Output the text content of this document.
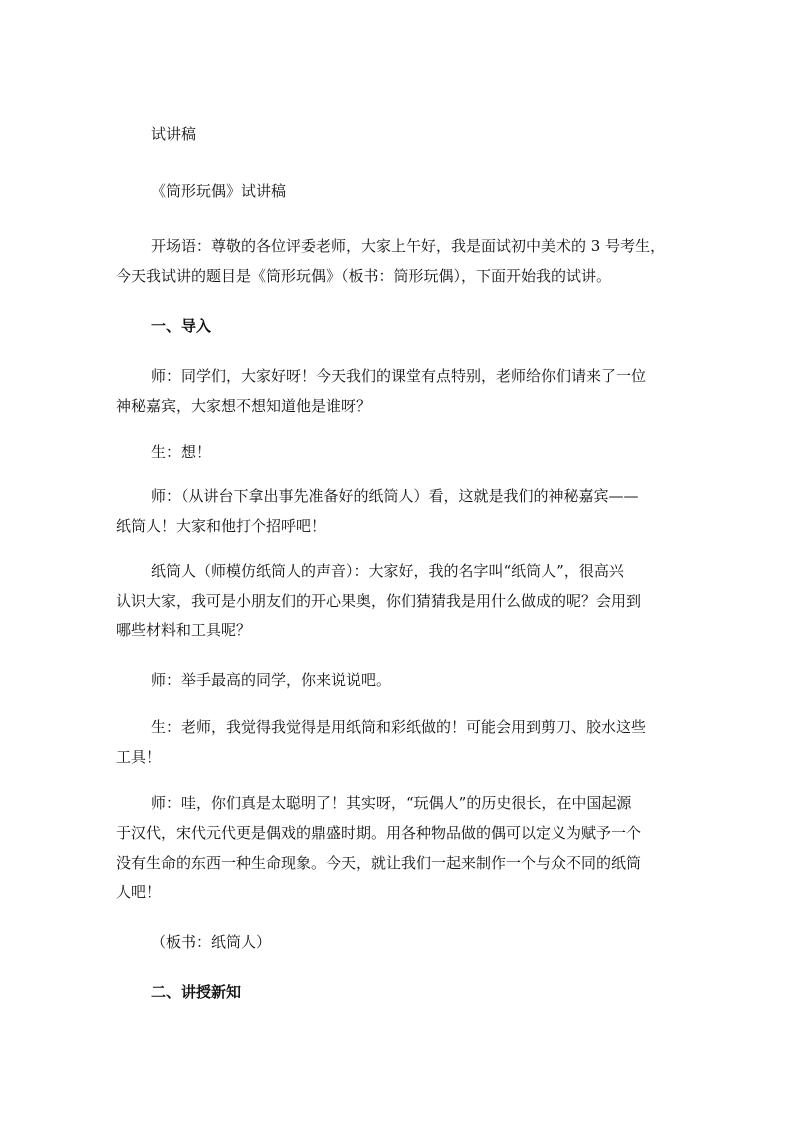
试讲稿
《筒形玩偶》试讲稿
开场语：尊敬的各位评委老师，大家上午好，我是面试初中美术的 3 号考生，
今天我试讲的题目是《筒形玩偶》（板书：筒形玩偶），下面开始我的试讲。
一、导入
师：同学们，大家好呀！今天我们的课堂有点特别，老师给你们请来了一位
神秘嘉宾，大家想不想知道他是谁呀？
生：想！
师：（从讲台下拿出事先准备好的纸筒人）看，这就是我们的神秘嘉宾——
纸筒人！大家和他打个招呼吧！
纸筒人（师模仿纸筒人的声音）：大家好，我的名字叫“纸筒人”，很高兴
认识大家，我可是小朋友们的开心果奥，你们猜猜我是用什么做成的呢？会用到
哪些材料和工具呢？
师：举手最高的同学，你来说说吧。
生：老师，我觉得我觉得是用纸筒和彩纸做的！可能会用到剪刀、胶水这些
工具！
师：哇，你们真是太聪明了！其实呀，“玩偶人”的历史很长，在中国起源
于汉代，宋代元代更是偶戏的鼎盛时期。用各种物品做的偶可以定义为赋予一个
没有生命的东西一种生命现象。今天，就让我们一起来制作一个与众不同的纸筒
人吧！
（板书：纸筒人）
二、讲授新知
